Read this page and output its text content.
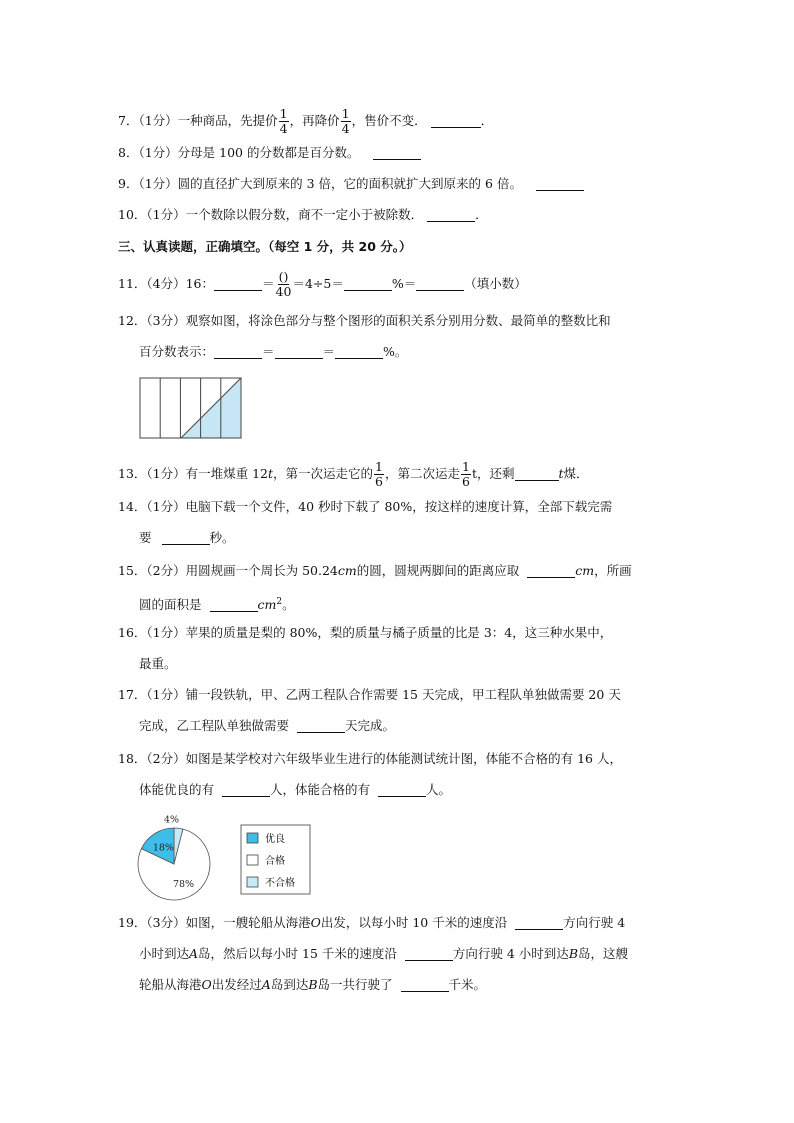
7．（1分）一种商品，先提价 $\frac{1}{4}$ ，再降价 $\frac{1}{4}$ ，售价不变．	．
8．（1分）分母是 100 的分数都是百分数。
9．（1分）圆的直径扩大到原来的 3 倍，它的面积就扩大到原来的 6 倍。
10．（1分）一个数除以假分数，商不一定小于被除数．	．
三、认真读题，正确填空。（每空 1 分，共 20 分。）
11．（4分）16：	＝ $\frac{()}{40} =4\div 5=$	%＝	（填小数）
12．（3分）观察如图，将涂色部分与整个图形的面积关系分别用分数、最简单的整数比和
百分数表示：	＝	＝	%。
13．（1分）有一堆煤重 12t，第一次运走它的 $\frac{1}{6}$ ，第二次运走 $\frac{1}{6}$ t，还剩	t煤．
14．（1分）电脑下载一个文件，40 秒时下载了 80%，按这样的速度计算，全部下载完需
要	秒。
15．（2分）用圆规画一个周长为 50.24cm的圆，圆规两脚间的距离应取	cm，所画
圆的面积是	$cm^2$。
16．（1分）苹果的质量是梨的 80%，梨的质量与橘子质量的比是 3：4，这三种水果中，
最重。
17．（1分）铺一段铁轨，甲、乙两工程队合作需要 15 天完成，甲工程队单独做需要 20 天
完成，乙工程队单独做需要	天完成。
18．（2分）如图是某学校对六年级毕业生进行的体能测试统计图，体能不合格的有 16 人，
体能优良的有	人，体能合格的有	人。
4%
78%
18%
优良
合格
不合格
19．（3分）如图，一艘轮船从海港O出发，以每小时 10 千米的速度沿	方向行驶 4
小时到达A岛，然后以每小时 15 千米的速度沿	方向行驶 4 小时到达B岛，这艘
轮船从海港O出发经过A岛到达B岛一共行驶了	千米。
